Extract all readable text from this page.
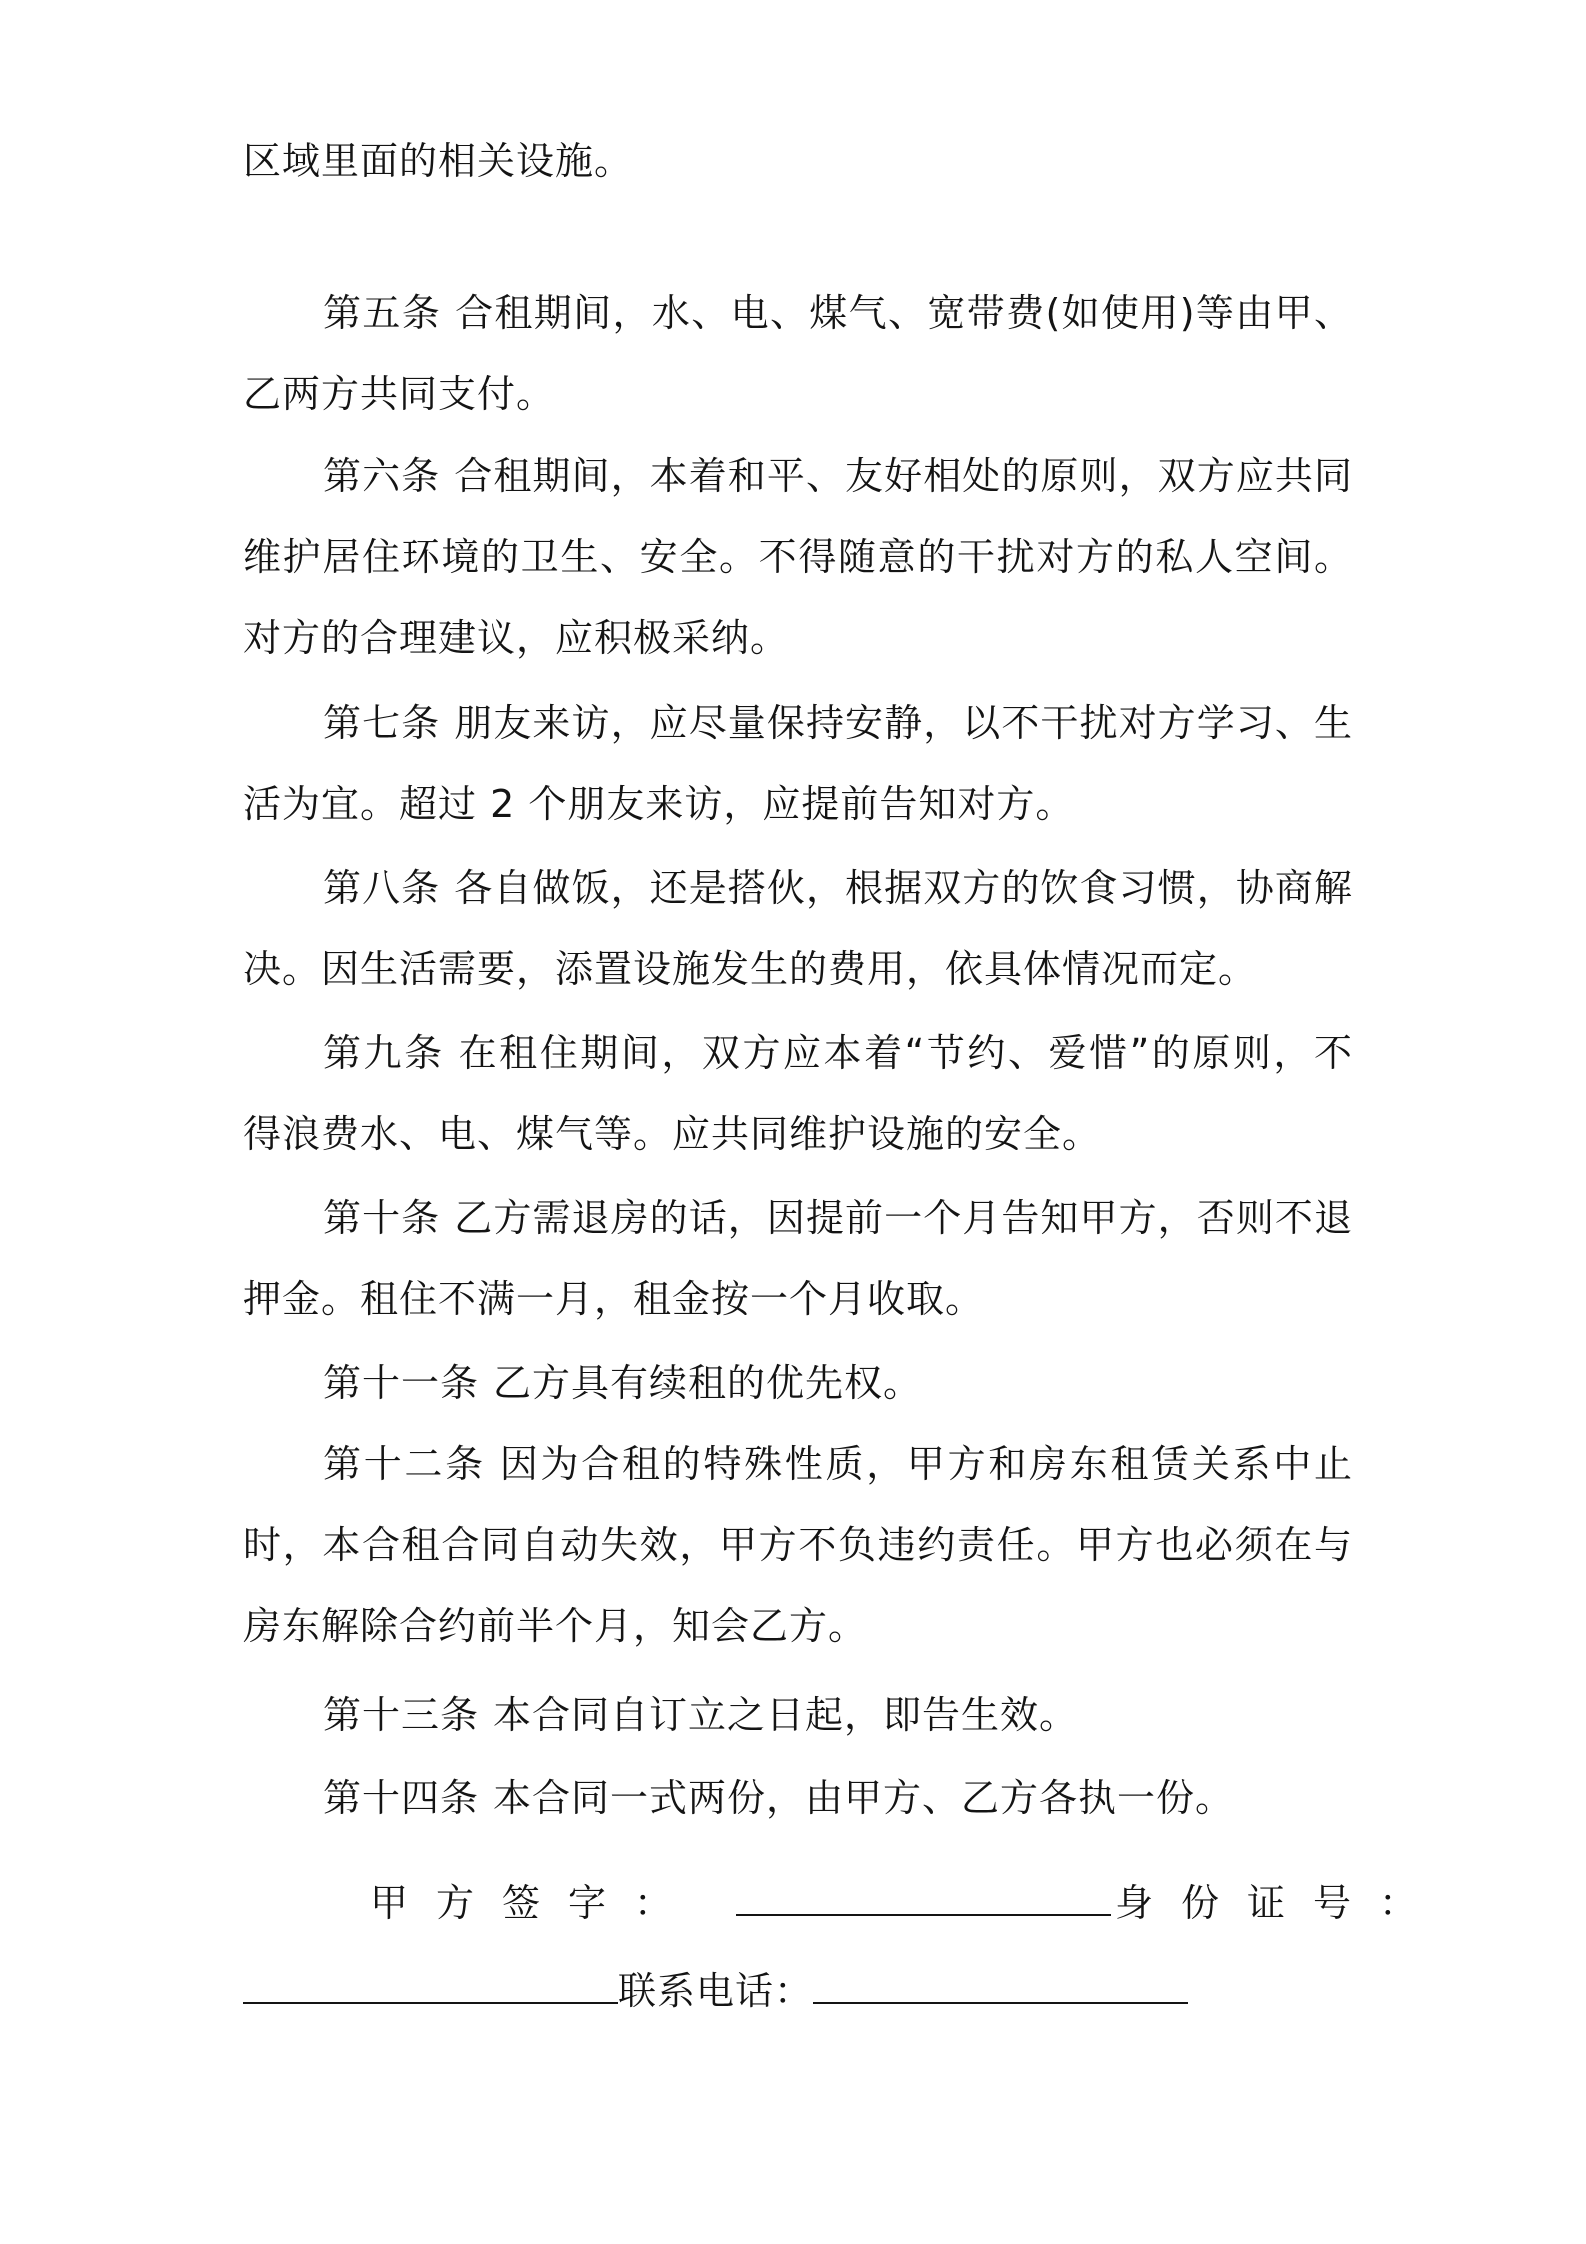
区域里面的相关设施。

第五条 合租期间，水、电、煤气、宽带费(如使用)等由甲、乙两方共同支付。

第六条 合租期间，本着和平、友好相处的原则，双方应共同维护居住环境的卫生、安全。不得随意的干扰对方的私人空间。对方的合理建议，应积极采纳。

第七条 朋友来访，应尽量保持安静，以不干扰对方学习、生活为宜。超过 2 个朋友来访，应提前告知对方。

第八条 各自做饭，还是搭伙，根据双方的饮食习惯，协商解决。因生活需要，添置设施发生的费用，依具体情况而定。

第九条 在租住期间，双方应本着“节约、爱惜”的原则，不得浪费水、电、煤气等。应共同维护设施的安全。

第十条 乙方需退房的话，因提前一个月告知甲方，否则不退押金。租住不满一月，租金按一个月收取。

第十一条 乙方具有续租的优先权。

第十二条 因为合租的特殊性质，甲方和房东租赁关系中止时，本合租合同自动失效，甲方不负违约责任。甲方也必须在与房东解除合约前半个月，知会乙方。

第十三条 本合同自订立之日起，即告生效。

第十四条 本合同一式两份，由甲方、乙方各执一份。

甲方签字：	身份证号：
联系电话：
